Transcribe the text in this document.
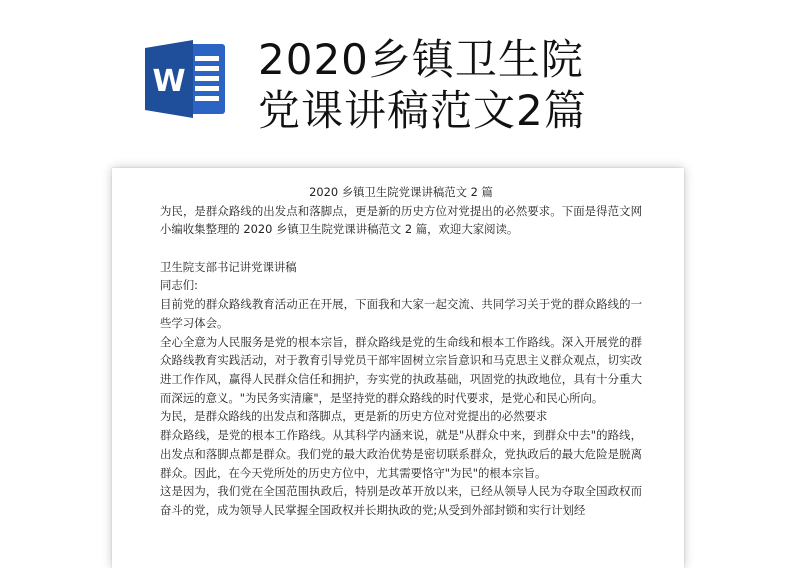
W 2020乡镇卫生院
党课讲稿范文2篇
2020 乡镇卫生院党课讲稿范文 2 篇

为民，是群众路线的出发点和落脚点，更是新的历史方位对党提出的必然要求。下面是得范文网小编收集整理的 2020 乡镇卫生院党课讲稿范文 2 篇，欢迎大家阅读。

卫生院支部书记讲党课讲稿

同志们:

目前党的群众路线教育活动正在开展，下面我和大家一起交流、共同学习关于党的群众路线的一些学习体会。

全心全意为人民服务是党的根本宗旨，群众路线是党的生命线和根本工作路线。深入开展党的群众路线教育实践活动，对于教育引导党员干部牢固树立宗旨意识和马克思主义群众观点，切实改进工作作风，赢得人民群众信任和拥护，夯实党的执政基础，巩固党的执政地位，具有十分重大而深远的意义。"为民务实清廉"，是坚持党的群众路线的时代要求，是党心和民心所向。

为民，是群众路线的出发点和落脚点，更是新的历史方位对党提出的必然要求

群众路线，是党的根本工作路线。从其科学内涵来说，就是"从群众中来，到群众中去"的路线，出发点和落脚点都是群众。我们党的最大政治优势是密切联系群众，党执政后的最大危险是脱离群众。因此，在今天党所处的历史方位中，尤其需要恪守"为民"的根本宗旨。

这是因为，我们党在全国范围执政后，特别是改革开放以来，已经从领导人民为夺取全国政权而奋斗的党，成为领导人民掌握全国政权并长期执政的党;从受到外部封锁和实行计划经
